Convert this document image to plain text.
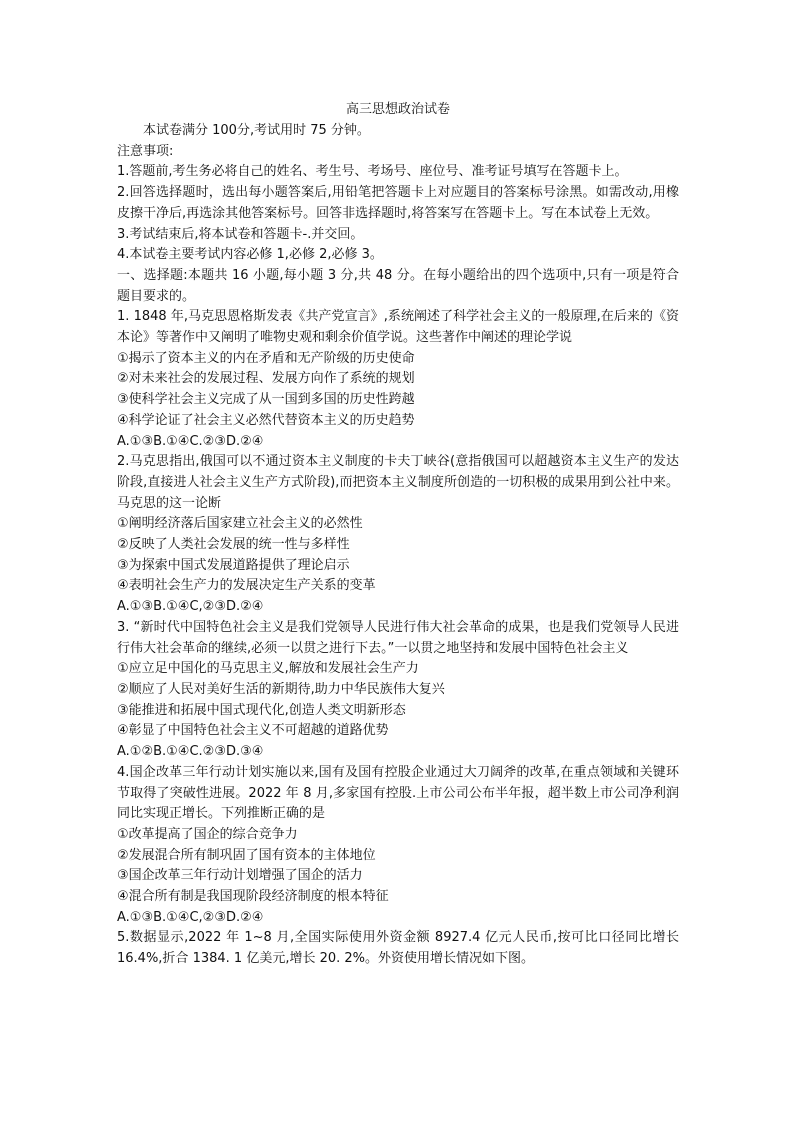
高三思想政治试卷

本试卷满分 100分,考试用时 75 分钟。

注意事项:

1.答题前,考生务必将自己的姓名、考生号、考场号、座位号、准考证号填写在答题卡上。

2.回答选择题时，选出每小题答案后,用铅笔把答题卡上对应题目的答案标号涂黑。如需改动,用橡皮擦干净后,再选涂其他答案标号。回答非选择题时,将答案写在答题卡上。写在本试卷上无效。

3.考试结束后,将本试卷和答题卡-.并交回。

4.本试卷主要考试内容必修 1,必修 2,必修 3。

一、选择题:本题共 16 小题,每小题 3 分,共 48 分。在每小题给出的四个选项中,只有一项是符合题目要求的。

1. 1848 年,马克思恩格斯发表《共产党宣言》,系统阐述了科学社会主义的一般原理,在后来的《资本论》等著作中又阐明了唯物史观和剩余价值学说。这些著作中阐述的理论学说

①揭示了资本主义的内在矛盾和无产阶级的历史使命

②对未来社会的发展过程、发展方向作了系统的规划

③使科学社会主义完成了从一国到多国的历史性跨越

④科学论证了社会主义必然代替资本主义的历史趋势

A.①③B.①④C.②③D.②④

2.马克思指出,俄国可以不通过资本主义制度的卡夫丁峡谷(意指俄国可以超越资本主义生产的发达阶段,直接进人社会主义生产方式阶段),而把资本主义制度所创造的一切积极的成果用到公社中来。马克思的这一论断

①阐明经济落后国家建立社会主义的必然性

②反映了人类社会发展的统一性与多样性

③为探索中国式发展道路提供了理论启示

④表明社会生产力的发展决定生产关系的变革

A.①③B.①④C,②③D.②④

3. “新时代中国特色社会主义是我们党领导人民进行伟大社会革命的成果，也是我们党领导人民进行伟大社会革命的继续,必须一以贯之进行下去。”一以贯之地坚持和发展中国特色社会主义

①应立足中国化的马克思主义,解放和发展社会生产力

②顺应了人民对美好生活的新期待,助力中华民族伟大复兴

③能推进和拓展中国式现代化,创造人类文明新形态

④彰显了中国特色社会主义不可超越的道路优势

A.①②B.①④C.②③D.③④

4.国企改革三年行动计划实施以来,国有及国有控股企业通过大刀阔斧的改革,在重点领域和关键环节取得了突破性进展。2022 年 8 月,多家国有控股.上市公司公布半年报，超半数上市公司净利润同比实现正增长。下列推断正确的是

①改革提高了国企的综合竞争力

②发展混合所有制巩固了国有资本的主体地位

③国企改革三年行动计划增强了国企的活力

④混合所有制是我国现阶段经济制度的根本特征

A.①③B.①④C,②③D.②④

5.数据显示,2022 年 1~8 月,全国实际使用外资金额 8927.4 亿元人民币,按可比口径同比增长 16.4%,折合 1384. 1 亿美元,增长 20. 2%。外资使用增长情况如下图。
